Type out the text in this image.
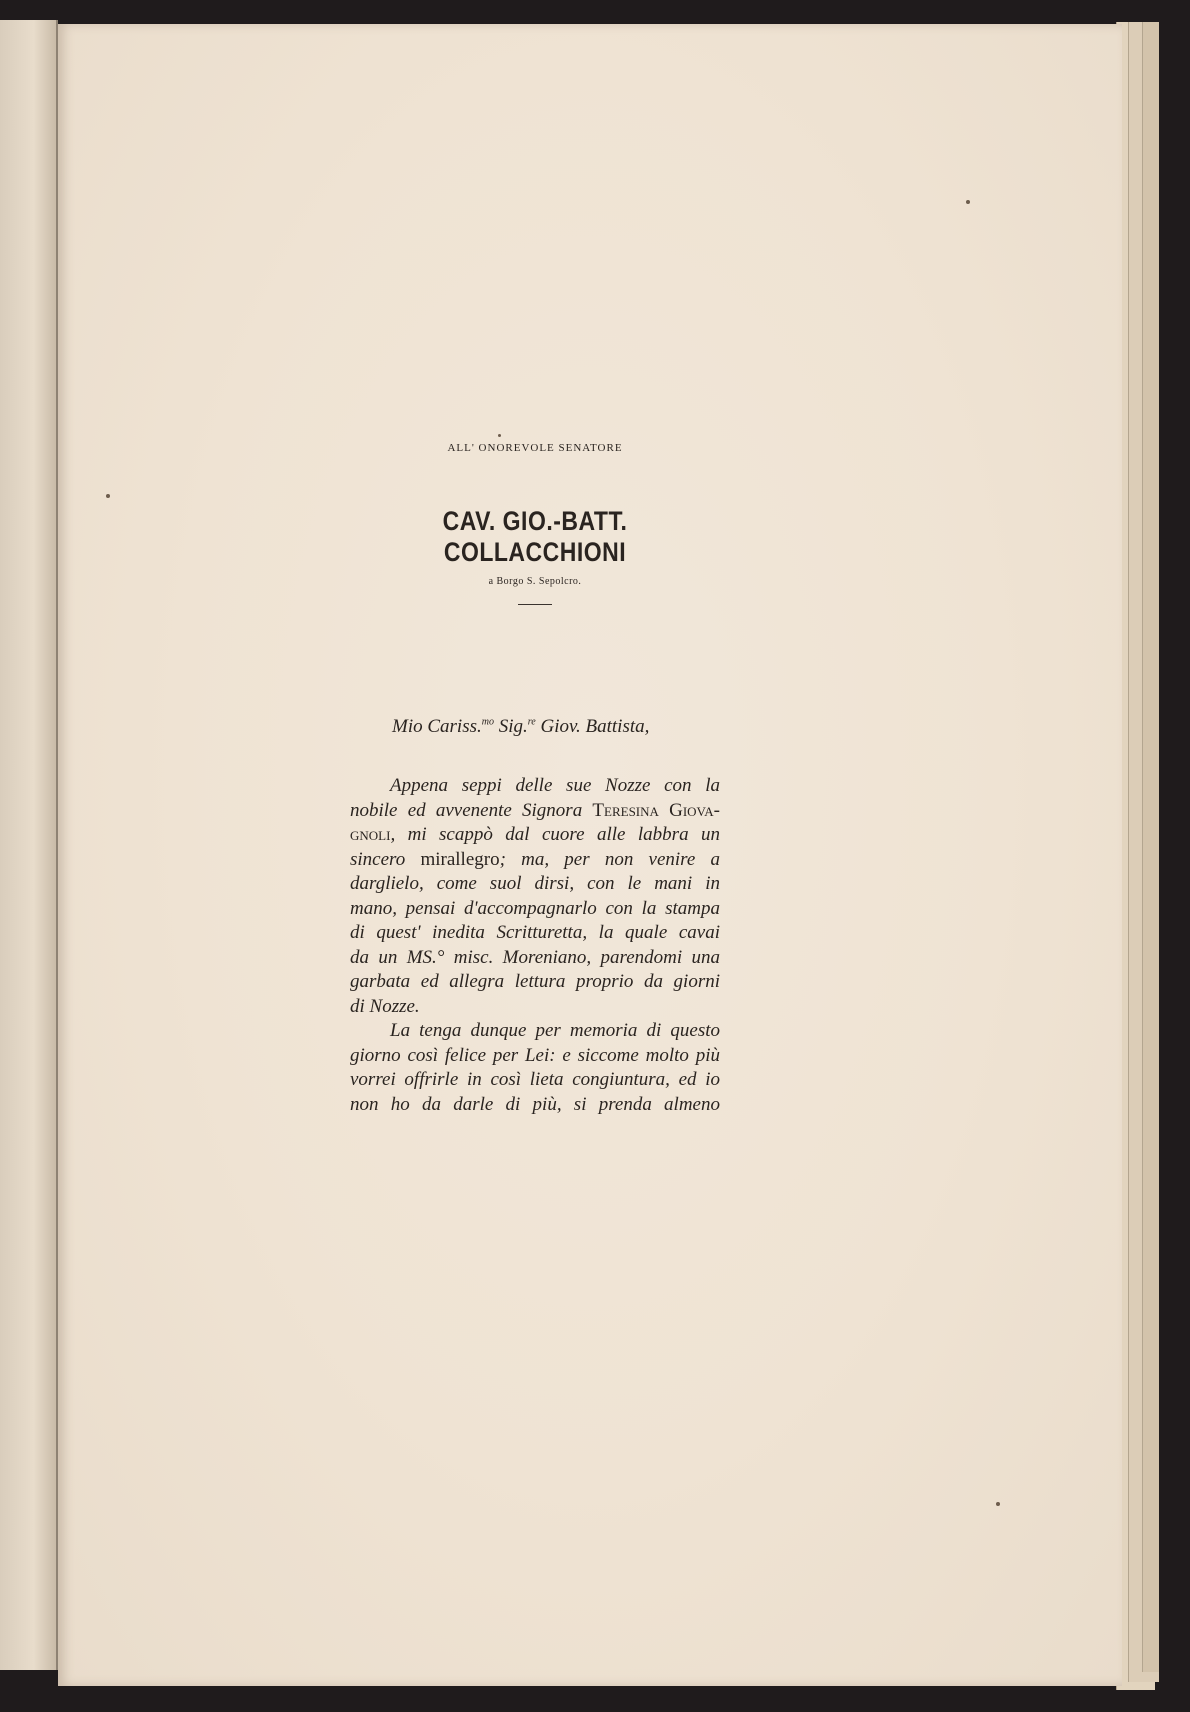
ALL' ONOREVOLE SENATORE
CAV. GIO.-BATT. COLLACCHIONI
a Borgo S. Sepolcro.
Mio Cariss.$^{mo}$ Sig.$^{re}$ Giov. Battista,
Appena seppi delle sue Nozze con la
nobile ed avvenente Signora Teresina Giova-
gnoli, mi scappò dal cuore alle labbra un
sincero mirallegro; ma, per non venire a
darglielo, come suol dirsi, con le mani in
mano, pensai d'accompagnarlo con la stampa
di quest' inedita Scritturetta, la quale cavai
da un MS.° misc. Moreniano, parendomi una
garbata ed allegra lettura proprio da giorni
di Nozze.
La tenga dunque per memoria di questo
giorno così felice per Lei: e siccome molto più
vorrei offrirle in così lieta congiuntura, ed io
non ho da darle di più, si prenda almeno
